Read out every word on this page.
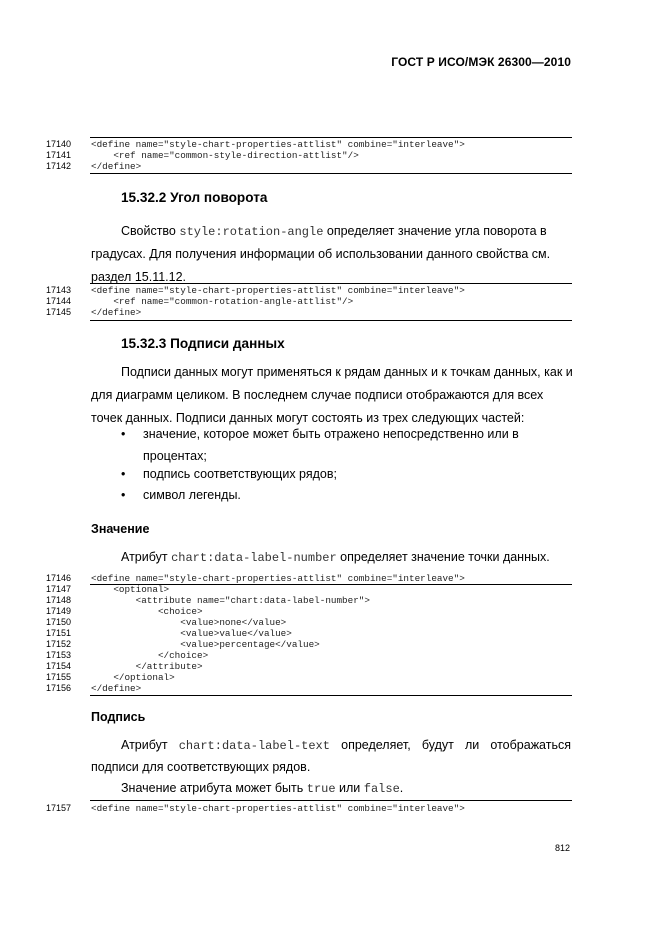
ГОСТ Р ИСО/МЭК 26300—2010
17140	<define name="style-chart-properties-attlist" combine="interleave">
17141	<ref name="common-style-direction-attlist"/>
17142	</define>
15.32.2 Угол поворота
Свойство style:rotation-angle определяет значение угла поворота в
градусах. Для получения информации об использовании данного свойства см.
раздел 15.11.12.
17143	<define name="style-chart-properties-attlist" combine="interleave">
17144	<ref name="common-rotation-angle-attlist"/>
17145	</define>
15.32.3 Подписи данных
Подписи данных могут применяться к рядам данных и к точкам данных, как и
для диаграмм целиком. В последнем случае подписи отображаются для всех
точек данных. Подписи данных могут состоять из трех следующих частей:
• значение, которое может быть отражено непосредственно или в
процентах;
• подпись соответствующих рядов;
• символ легенды.
Значение
Атрибут chart:data-label-number определяет значение точки данных.
17146	<define name="style-chart-properties-attlist" combine="interleave">
17147	<optional>
17148	<attribute name="chart:data-label-number">
17149	<choice>
17150	<value>none</value>
17151	<value>value</value>
17152	<value>percentage</value>
17153	</choice>
17154	</attribute>
17155	</optional>
17156	</define>
Подпись
Атрибут chart:data-label-text определяет, будут ли отображаться
подписи для соответствующих рядов.
Значение атрибута может быть true или false.
17157	<define name="style-chart-properties-attlist" combine="interleave">
812
